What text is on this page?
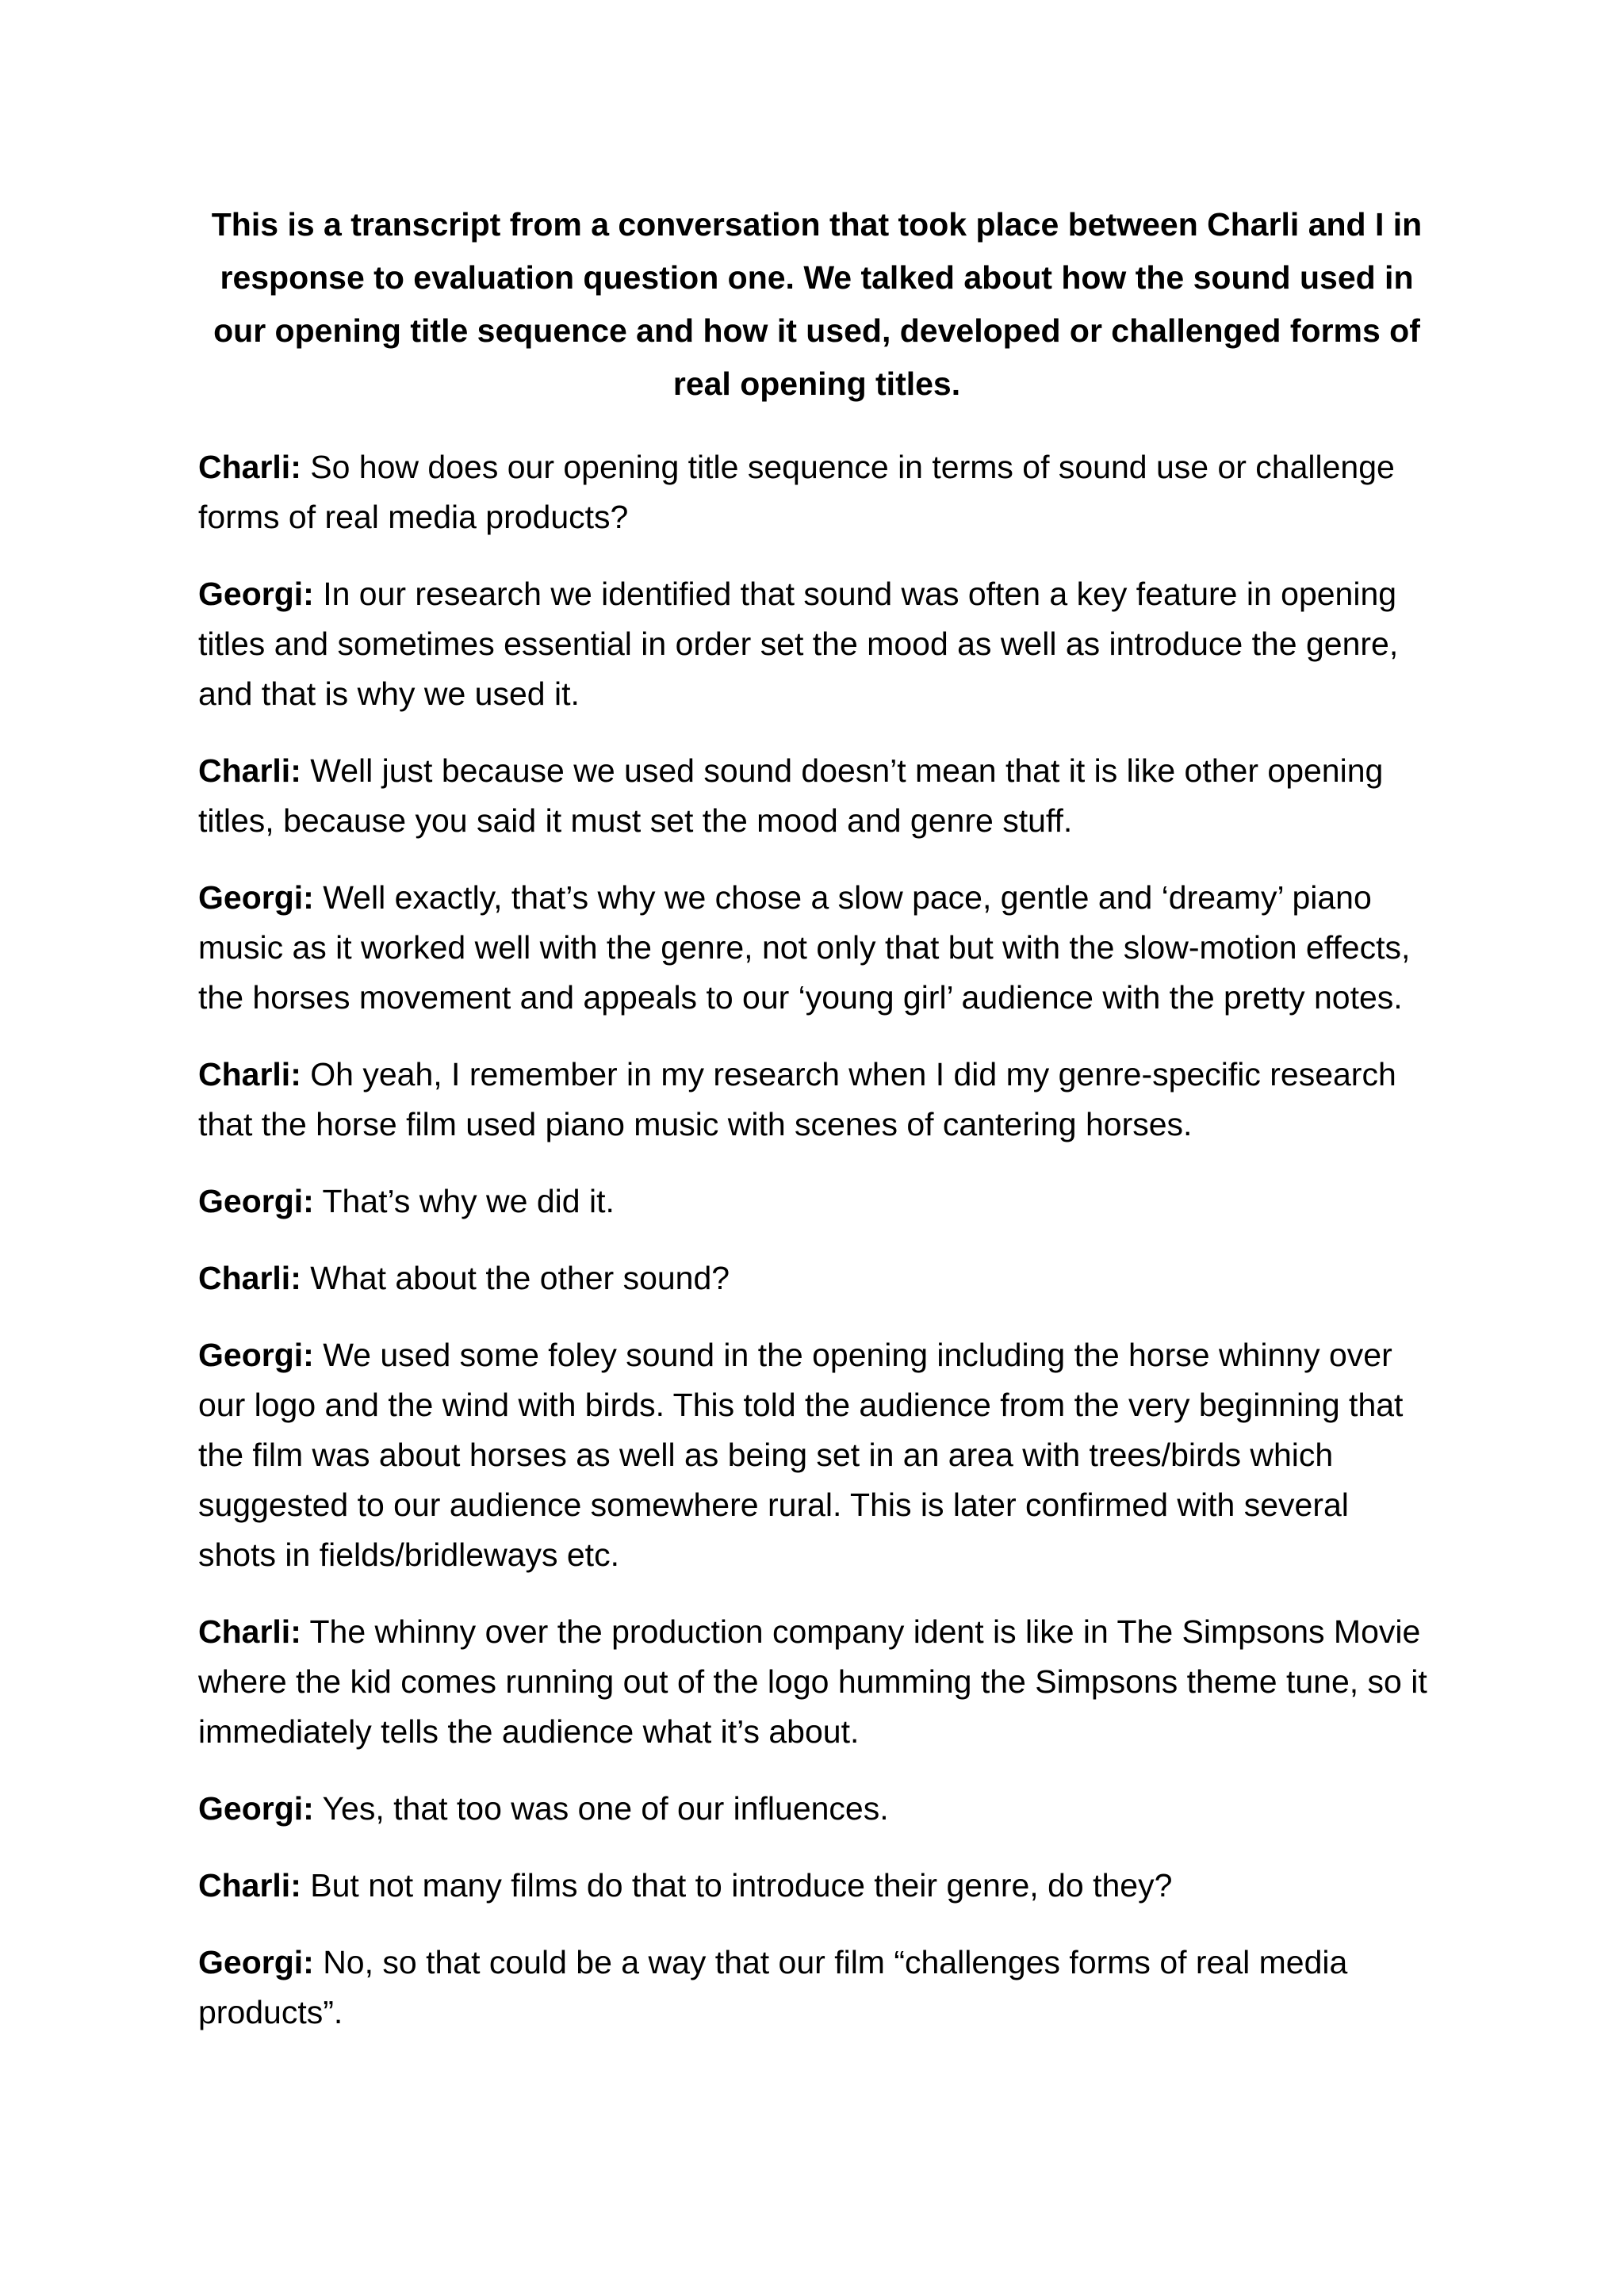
This is a transcript from a conversation that took place between Charli and I in response to evaluation question one. We talked about how the sound used in our opening title sequence and how it used, developed or challenged forms of real opening titles.

Charli: So how does our opening title sequence in terms of sound use or challenge forms of real media products?

Georgi: In our research we identified that sound was often a key feature in opening titles and sometimes essential in order set the mood as well as introduce the genre, and that is why we used it.

Charli: Well just because we used sound doesn’t mean that it is like other opening titles, because you said it must set the mood and genre stuff.

Georgi: Well exactly, that’s why we chose a slow pace, gentle and ‘dreamy’ piano music as it worked well with the genre, not only that but with the slow-motion effects, the horses movement and appeals to our ‘young girl’ audience with the pretty notes.

Charli: Oh yeah, I remember in my research when I did my genre-specific research that the horse film used piano music with scenes of cantering horses.

Georgi: That’s why we did it.

Charli: What about the other sound?

Georgi: We used some foley sound in the opening including the horse whinny over our logo and the wind with birds. This told the audience from the very beginning that the film was about horses as well as being set in an area with trees/birds which suggested to our audience somewhere rural. This is later confirmed with several shots in fields/bridleways etc.

Charli: The whinny over the production company ident is like in The Simpsons Movie where the kid comes running out of the logo humming the Simpsons theme tune, so it immediately tells the audience what it’s about.

Georgi: Yes, that too was one of our influences.

Charli: But not many films do that to introduce their genre, do they?

Georgi: No, so that could be a way that our film “challenges forms of real media products”.
